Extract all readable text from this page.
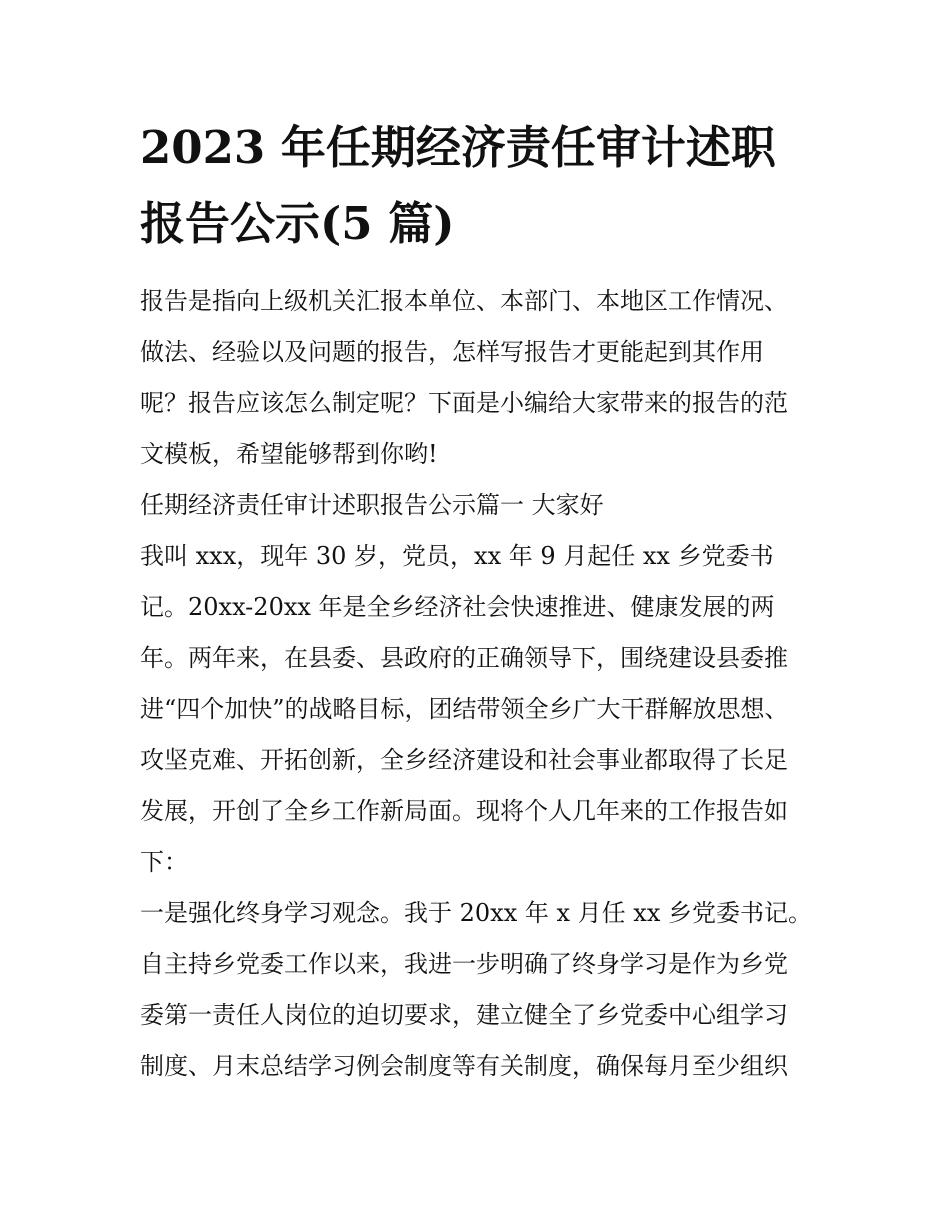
2023 年任期经济责任审计述职
报告公示(5 篇)
报告是指向上级机关汇报本单位、本部门、本地区工作情况、
做法、经验以及问题的报告，怎样写报告才更能起到其作用
呢？报告应该怎么制定呢？下面是小编给大家带来的报告的范
文模板，希望能够帮到你哟!
任期经济责任审计述职报告公示篇一 大家好
我叫 xxx，现年 30 岁，党员，xx 年 9 月起任 xx 乡党委书
记。20xx-20xx 年是全乡经济社会快速推进、健康发展的两
年。两年来，在县委、县政府的正确领导下，围绕建设县委推
进“四个加快”的战略目标，团结带领全乡广大干群解放思想、
攻坚克难、开拓创新，全乡经济建设和社会事业都取得了长足
发展，开创了全乡工作新局面。现将个人几年来的工作报告如
下：
一是强化终身学习观念。我于 20xx 年 x 月任 xx 乡党委书记。
自主持乡党委工作以来，我进一步明确了终身学习是作为乡党
委第一责任人岗位的迫切要求，建立健全了乡党委中心组学习
制度、月末总结学习例会制度等有关制度，确保每月至少组织
